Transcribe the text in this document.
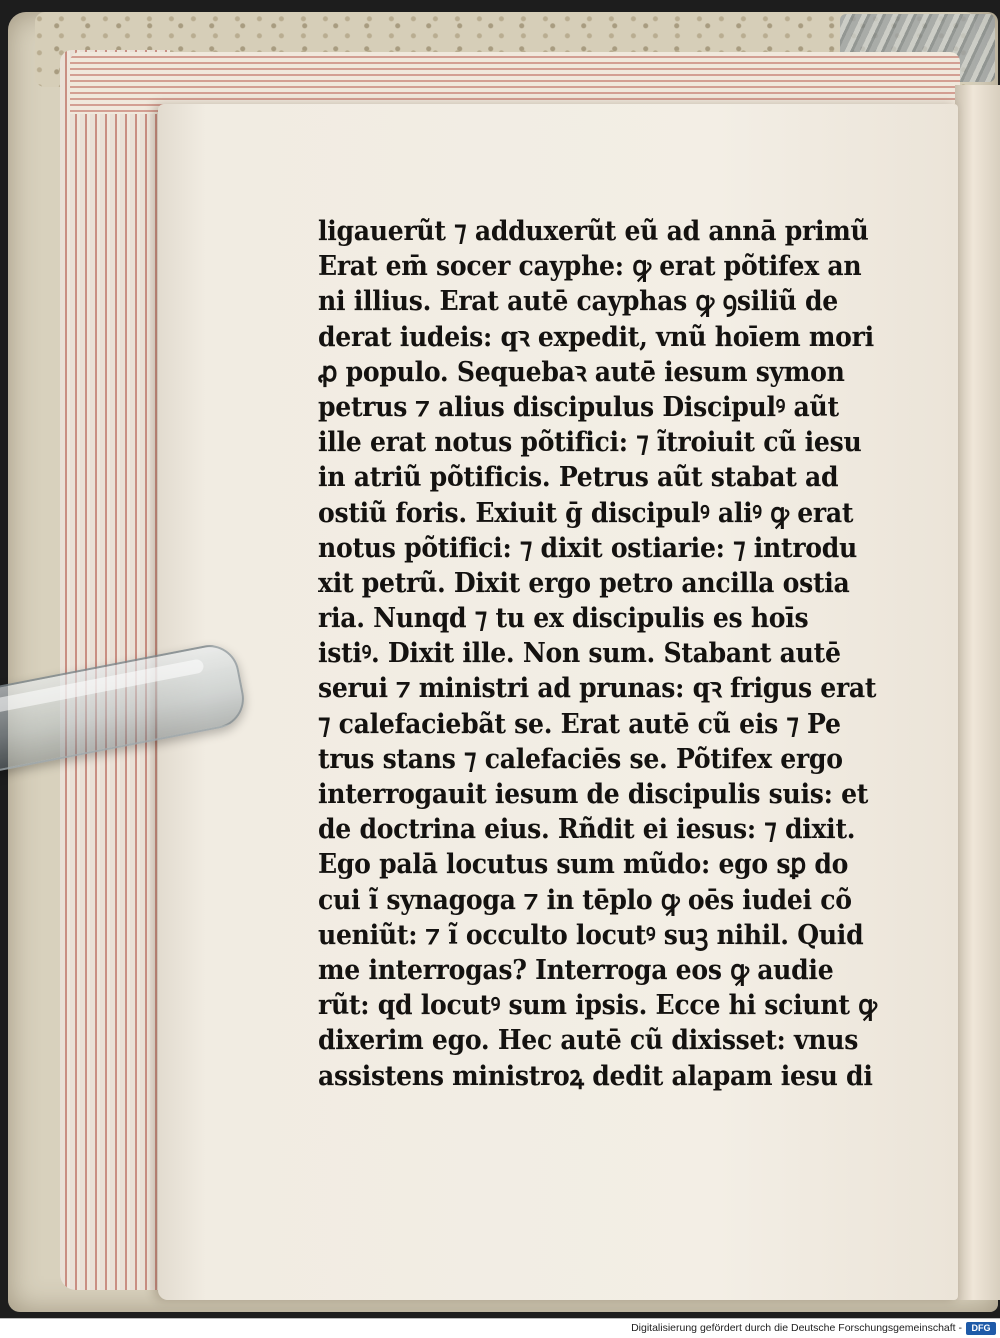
ligauerũt ⁊ adduxerũt eũ ad annā primũ
Erat em̄ socer cayphe: ꝙ erat põtifex an
ni illius. Erat autē cayphas ꝙ ꝯsiliũ de
derat iudeis: qꝛ expedit, vnũ hoīem mori
ꝓ populo. Sequebaꝛ autē iesum symon
petrus ⁊ alius discipulus Discipulꝰ aũt
ille erat notus põtifici: ⁊ ĩtroiuit cũ iesu
in atriũ põtificis. Petrus aũt stabat ad
ostiũ foris. Exiuit ḡ discipulꝰ aliꝰ ꝙ erat
notus põtifici: ⁊ dixit ostiarie: ⁊ introdu
xit petrũ. Dixit ergo petro ancilla ostia
ria. Nunqd ⁊ tu ex discipulis es hoīs
istiꝰ. Dixit ille. Non sum. Stabant autē
serui ⁊ ministri ad prunas: qꝛ frigus erat
⁊ calefaciebãt se. Erat autē cũ eis ⁊ Pe
trus stans ⁊ calefaciēs se. Põtifex ergo
interrogauit iesum de discipulis suis: et
de doctrina eius. Rñdit ei iesus: ⁊ dixit.
Ego palā locutus sum mũdo: ego sꝑ do
cui ĩ synagoga ⁊ in tēplo ꝙ oēs iudei cõ
ueniũt: ⁊ ĩ occulto locutꝰ suꝫ nihil. Quid
me interrogas? Interroga eos ꝙ audie
rũt: qd locutꝰ sum ipsis. Ecce hi sciunt ꝙ
dixerim ego. Hec autē cũ dixisset: vnus
assistens ministroꝝ dedit alapam iesu di
Digitalisierung gefördert durch die Deutsche Forschungsgemeinschaft -	DFG
